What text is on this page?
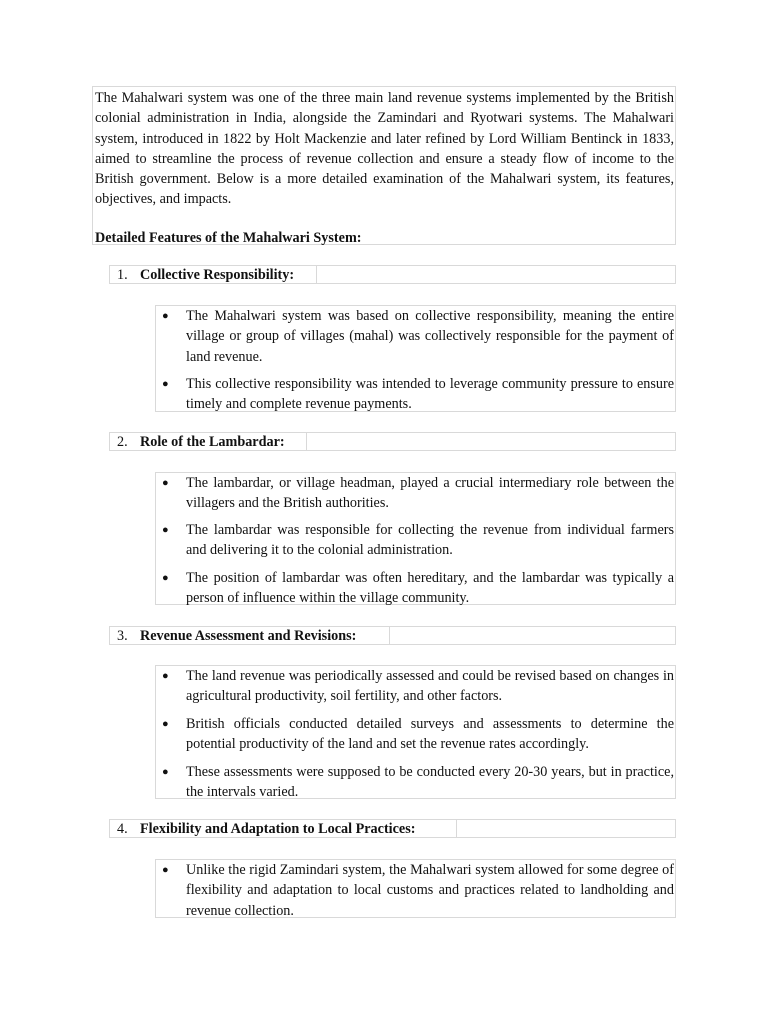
The Mahalwari system was one of the three main land revenue systems implemented by the British colonial administration in India, alongside the Zamindari and Ryotwari systems. The Mahalwari system, introduced in 1822 by Holt Mackenzie and later refined by Lord William Bentinck in 1833, aimed to streamline the process of revenue collection and ensure a steady flow of income to the British government. Below is a more detailed examination of the Mahalwari system, its features, objectives, and impacts.

Detailed Features of the Mahalwari System:

1. Collective Responsibility:
● The Mahalwari system was based on collective responsibility, meaning the entire village or group of villages (mahal) was collectively responsible for the payment of land revenue.
● This collective responsibility was intended to leverage community pressure to ensure timely and complete revenue payments.
2. Role of the Lambardar:
● The lambardar, or village headman, played a crucial intermediary role between the villagers and the British authorities.
● The lambardar was responsible for collecting the revenue from individual farmers and delivering it to the colonial administration.
● The position of lambardar was often hereditary, and the lambardar was typically a person of influence within the village community.
3. Revenue Assessment and Revisions:
● The land revenue was periodically assessed and could be revised based on changes in agricultural productivity, soil fertility, and other factors.
● British officials conducted detailed surveys and assessments to determine the potential productivity of the land and set the revenue rates accordingly.
● These assessments were supposed to be conducted every 20-30 years, but in practice, the intervals varied.
4. Flexibility and Adaptation to Local Practices:
● Unlike the rigid Zamindari system, the Mahalwari system allowed for some degree of flexibility and adaptation to local customs and practices related to landholding and revenue collection.
